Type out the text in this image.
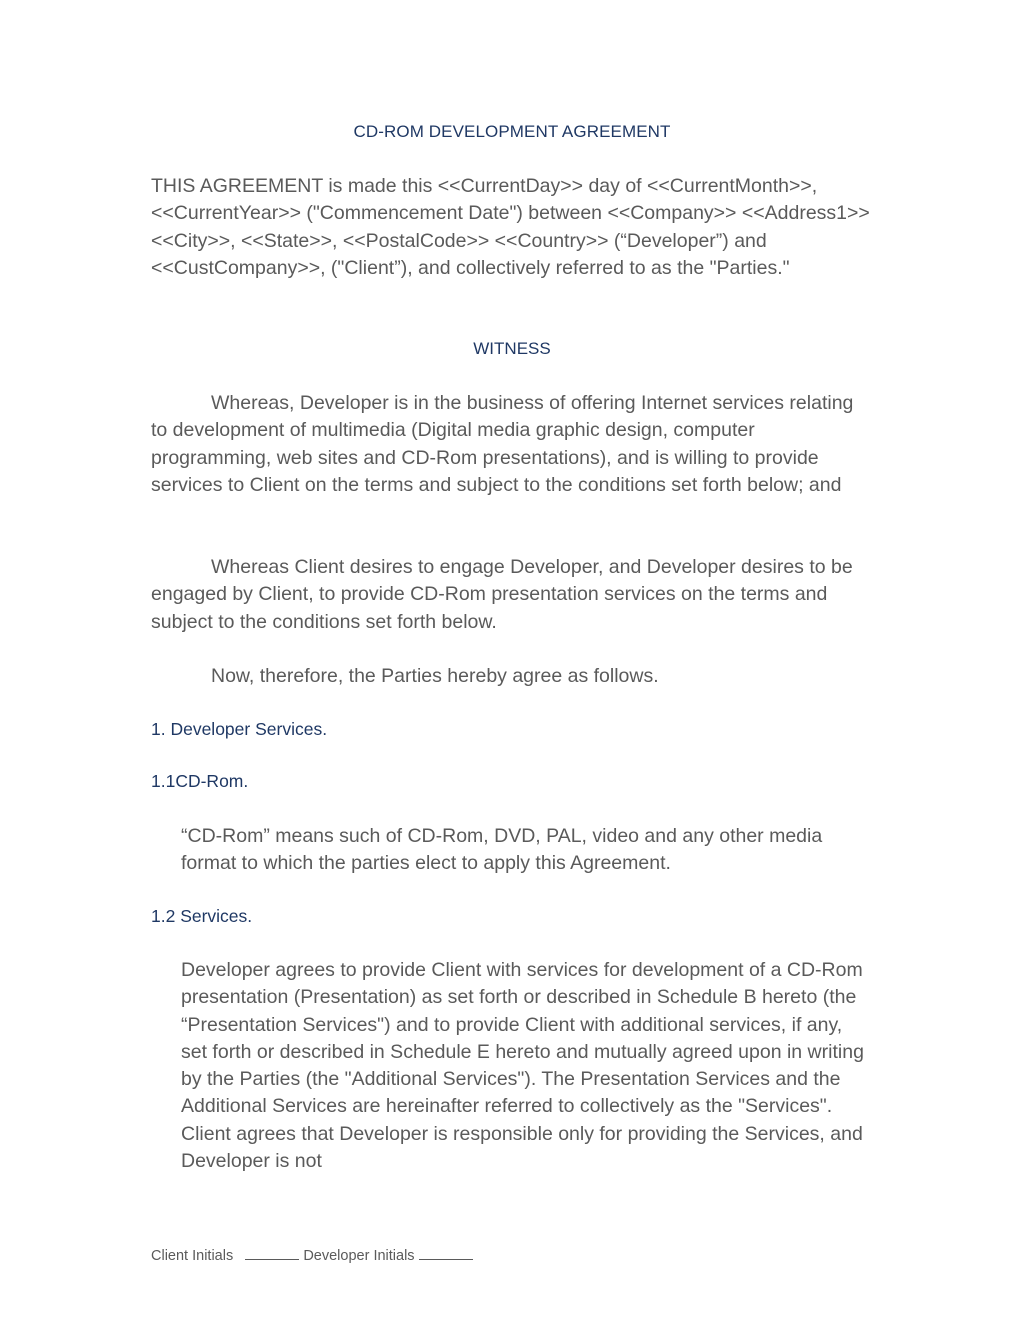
CD-ROM DEVELOPMENT AGREEMENT

THIS AGREEMENT is made this <<CurrentDay>> day of <<CurrentMonth>>, <<CurrentYear>> ("Commencement Date") between <<Company>> <<Address1>> <<City>>, <<State>>, <<PostalCode>> <<Country>> (“Developer”) and <<CustCompany>>, ("Client”), and collectively referred to as the "Parties."

WITNESS

Whereas, Developer is in the business of offering Internet services relating to development of multimedia (Digital media graphic design, computer programming, web sites and CD-Rom presentations), and is willing to provide services to Client on the terms and subject to the conditions set forth below; and

Whereas Client desires to engage Developer, and Developer desires to be engaged by Client, to provide CD-Rom presentation services on the terms and subject to the conditions set forth below.

Now, therefore, the Parties hereby agree as follows.

1. Developer Services.
1.1CD-Rom.

“CD-Rom” means such of CD-Rom, DVD, PAL, video and any other media format to which the parties elect to apply this Agreement.

1.2 Services.

Developer agrees to provide Client with services for development of a CD-Rom presentation (Presentation) as set forth or described in Schedule B hereto (the “Presentation Services") and to provide Client with additional services, if any, set forth or described in Schedule E hereto and mutually agreed upon in writing by the Parties (the "Additional Services"). The Presentation Services and the Additional Services are hereinafter referred to collectively as the "Services". Client agrees that Developer is responsible only for providing the Services, and Developer is not

Client Initials	Developer Initials
